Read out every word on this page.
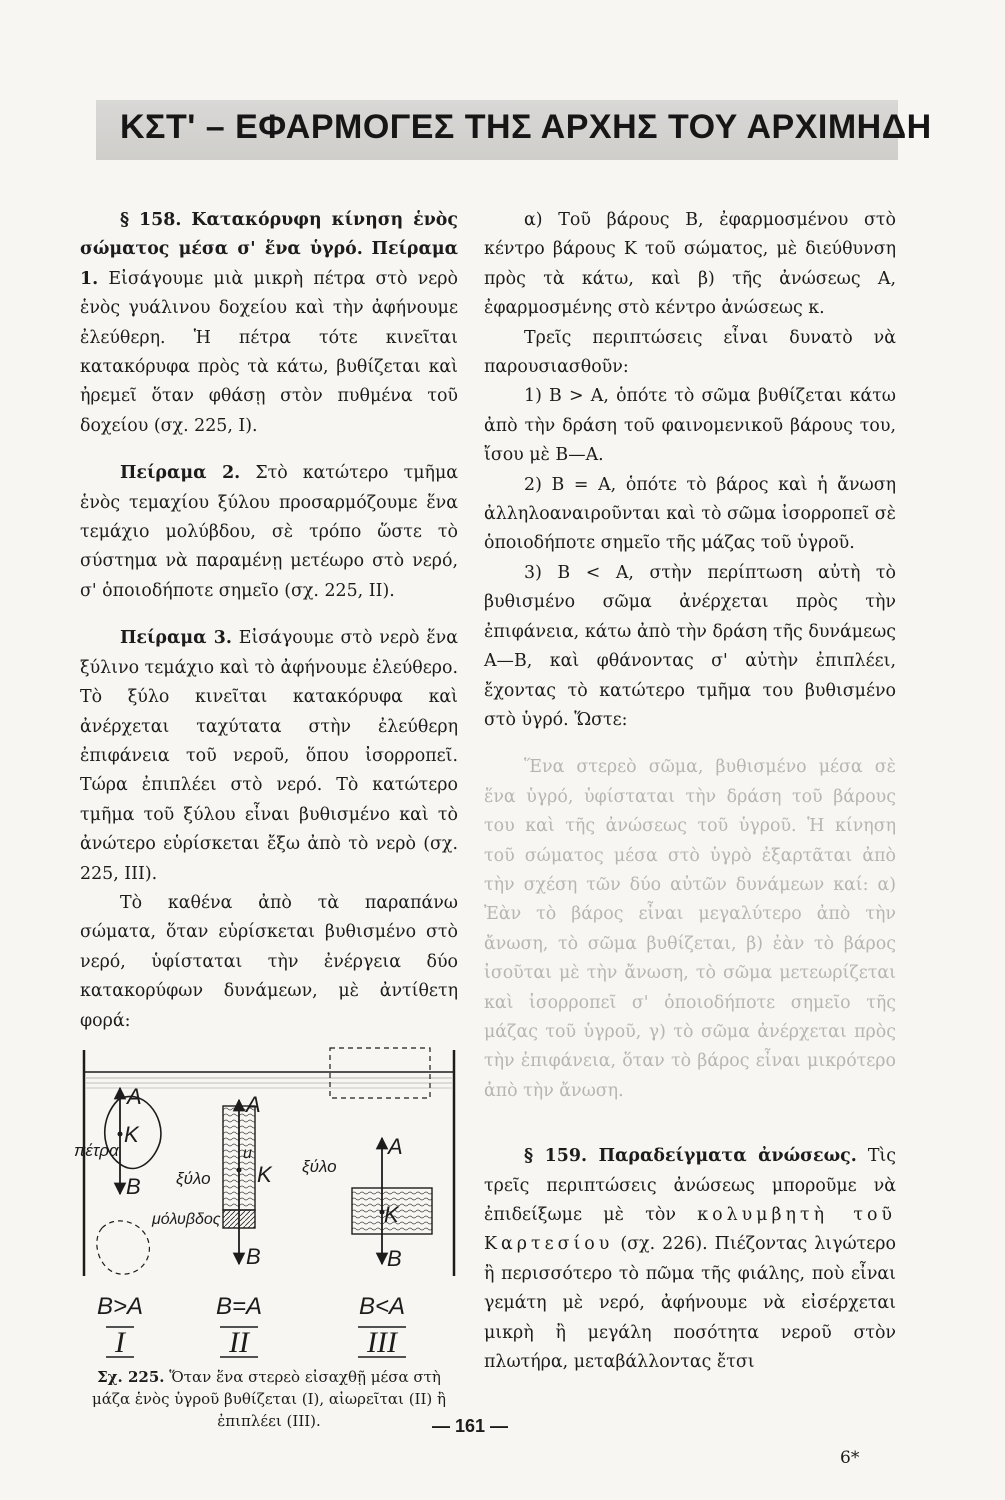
ΚΣΤ' – ΕΦΑΡΜΟΓΕΣ ΤΗΣ ΑΡΧΗΣ ΤΟΥ ΑΡΧΙΜΗΔΗ

§ 158. Κατακόρυφη κίνηση ἑνὸς σώματος μέσα σ' ἕνα ὑγρό. Πείραμα 1. Εἰσάγουμε μιὰ μικρὴ πέτρα στὸ νερὸ ἑνὸς γυάλινου δοχείου καὶ τὴν ἀφήνουμε ἐλεύθερη. Ἡ πέτρα τότε κινεῖται κατακόρυφα πρὸς τὰ κάτω, βυθίζεται καὶ ἠρεμεῖ ὅταν φθάσῃ στὸν πυθμένα τοῦ δοχείου (σχ. 225, I).

Πείραμα 2. Στὸ κατώτερο τμῆμα ἑνὸς τεμαχίου ξύλου προσαρμόζουμε ἕνα τεμάχιο μολύβδου, σὲ τρόπο ὥστε τὸ σύστημα νὰ παραμένῃ μετέωρο στὸ νερό, σ' ὁποιοδήποτε σημεῖο (σχ. 225, II).

Πείραμα 3. Εἰσάγουμε στὸ νερὸ ἕνα ξύλινο τεμάχιο καὶ τὸ ἀφήνουμε ἐλεύθερο. Τὸ ξύλο κινεῖται κατακόρυφα καὶ ἀνέρχεται ταχύτατα στὴν ἐλεύθερη ἐπιφάνεια τοῦ νεροῦ, ὅπου ἰσορροπεῖ. Τώρα ἐπιπλέει στὸ νερό. Τὸ κατώτερο τμῆμα τοῦ ξύλου εἶναι βυθισμένο καὶ τὸ ἀνώτερο εὑρίσκεται ἔξω ἀπὸ τὸ νερὸ (σχ. 225, III).

Τὸ καθένα ἀπὸ τὰ παραπάνω σώματα, ὅταν εὑρίσκεται βυθισμένο στὸ νερό, ὑφίσταται τὴν ἐνέργεια δύο κατακορύφων δυνάμεων, μὲ ἀντίθετη φορά:

A
K
B
πέτρα
A
u
K
B
ξύλο
μόλυβδος
A
K
B
ξύλο
B>A	B=A	B<A
I	II	III

Σχ. 225. Ὅταν ἕνα στερεὸ εἰσαχθῇ μέσα στὴ μάζα ἑνὸς ὑγροῦ βυθίζεται (I), αἰωρεῖται (II) ἢ ἐπιπλέει (III).

α) Τοῦ βάρους Β, ἐφαρμοσμένου στὸ κέντρο βάρους Κ τοῦ σώματος, μὲ διεύθυνση πρὸς τὰ κάτω, καὶ β) τῆς ἀνώσεως Α, ἐφαρμοσμένης στὸ κέντρο ἀνώσεως κ.

Τρεῖς περιπτώσεις εἶναι δυνατὸ νὰ παρουσιασθοῦν:

1) Β > Α, ὁπότε τὸ σῶμα βυθίζεται κάτω ἀπὸ τὴν δράση τοῦ φαινομενικοῦ βάρους του, ἴσου μὲ Β—Α.

2) Β = Α, ὁπότε τὸ βάρος καὶ ἡ ἄνωση ἀλληλοαναιροῦνται καὶ τὸ σῶμα ἰσορροπεῖ σὲ ὁποιοδήποτε σημεῖο τῆς μάζας τοῦ ὑγροῦ.

3) Β < Α, στὴν περίπτωση αὐτὴ τὸ βυθισμένο σῶμα ἀνέρχεται πρὸς τὴν ἐπιφάνεια, κάτω ἀπὸ τὴν δράση τῆς δυνάμεως Α—Β, καὶ φθάνοντας σ' αὐτὴν ἐπιπλέει, ἔχοντας τὸ κατώτερο τμῆμα του βυθισμένο στὸ ὑγρό. Ὥστε:

Ἕνα στερεὸ σῶμα, βυθισμένο μέσα σὲ ἕνα ὑγρό, ὑφίσταται τὴν δράση τοῦ βάρους του καὶ τῆς ἀνώσεως τοῦ ὑγροῦ. Ἡ κίνηση τοῦ σώματος μέσα στὸ ὑγρὸ ἐξαρτᾶται ἀπὸ τὴν σχέση τῶν δύο αὐτῶν δυνάμεων καί: α) Ἐὰν τὸ βάρος εἶναι μεγαλύτερο ἀπὸ τὴν ἄνωση, τὸ σῶμα βυθίζεται, β) ἐὰν τὸ βάρος ἰσοῦται μὲ τὴν ἄνωση, τὸ σῶμα μετεωρίζεται καὶ ἰσορροπεῖ σ' ὁποιοδήποτε σημεῖο τῆς μάζας τοῦ ὑγροῦ, γ) τὸ σῶμα ἀνέρχεται πρὸς τὴν ἐπιφάνεια, ὅταν τὸ βάρος εἶναι μικρότερο ἀπὸ τὴν ἄνωση.

§ 159. Παραδείγματα ἀνώσεως. Τὶς τρεῖς περιπτώσεις ἀνώσεως μποροῦμε νὰ ἐπιδείξωμε μὲ τὸν κολυμβητὴ τοῦ Καρτεσίου (σχ. 226). Πιέζοντας λιγώτερο ἢ περισσότερο τὸ πῶμα τῆς φιάλης, ποὺ εἶναι γεμάτη μὲ νερό, ἀφήνουμε νὰ εἰσέρχεται μικρὴ ἢ μεγάλη ποσότητα νεροῦ στὸν πλωτήρα, μεταβάλλοντας ἔτσι

— 161 —
6*
